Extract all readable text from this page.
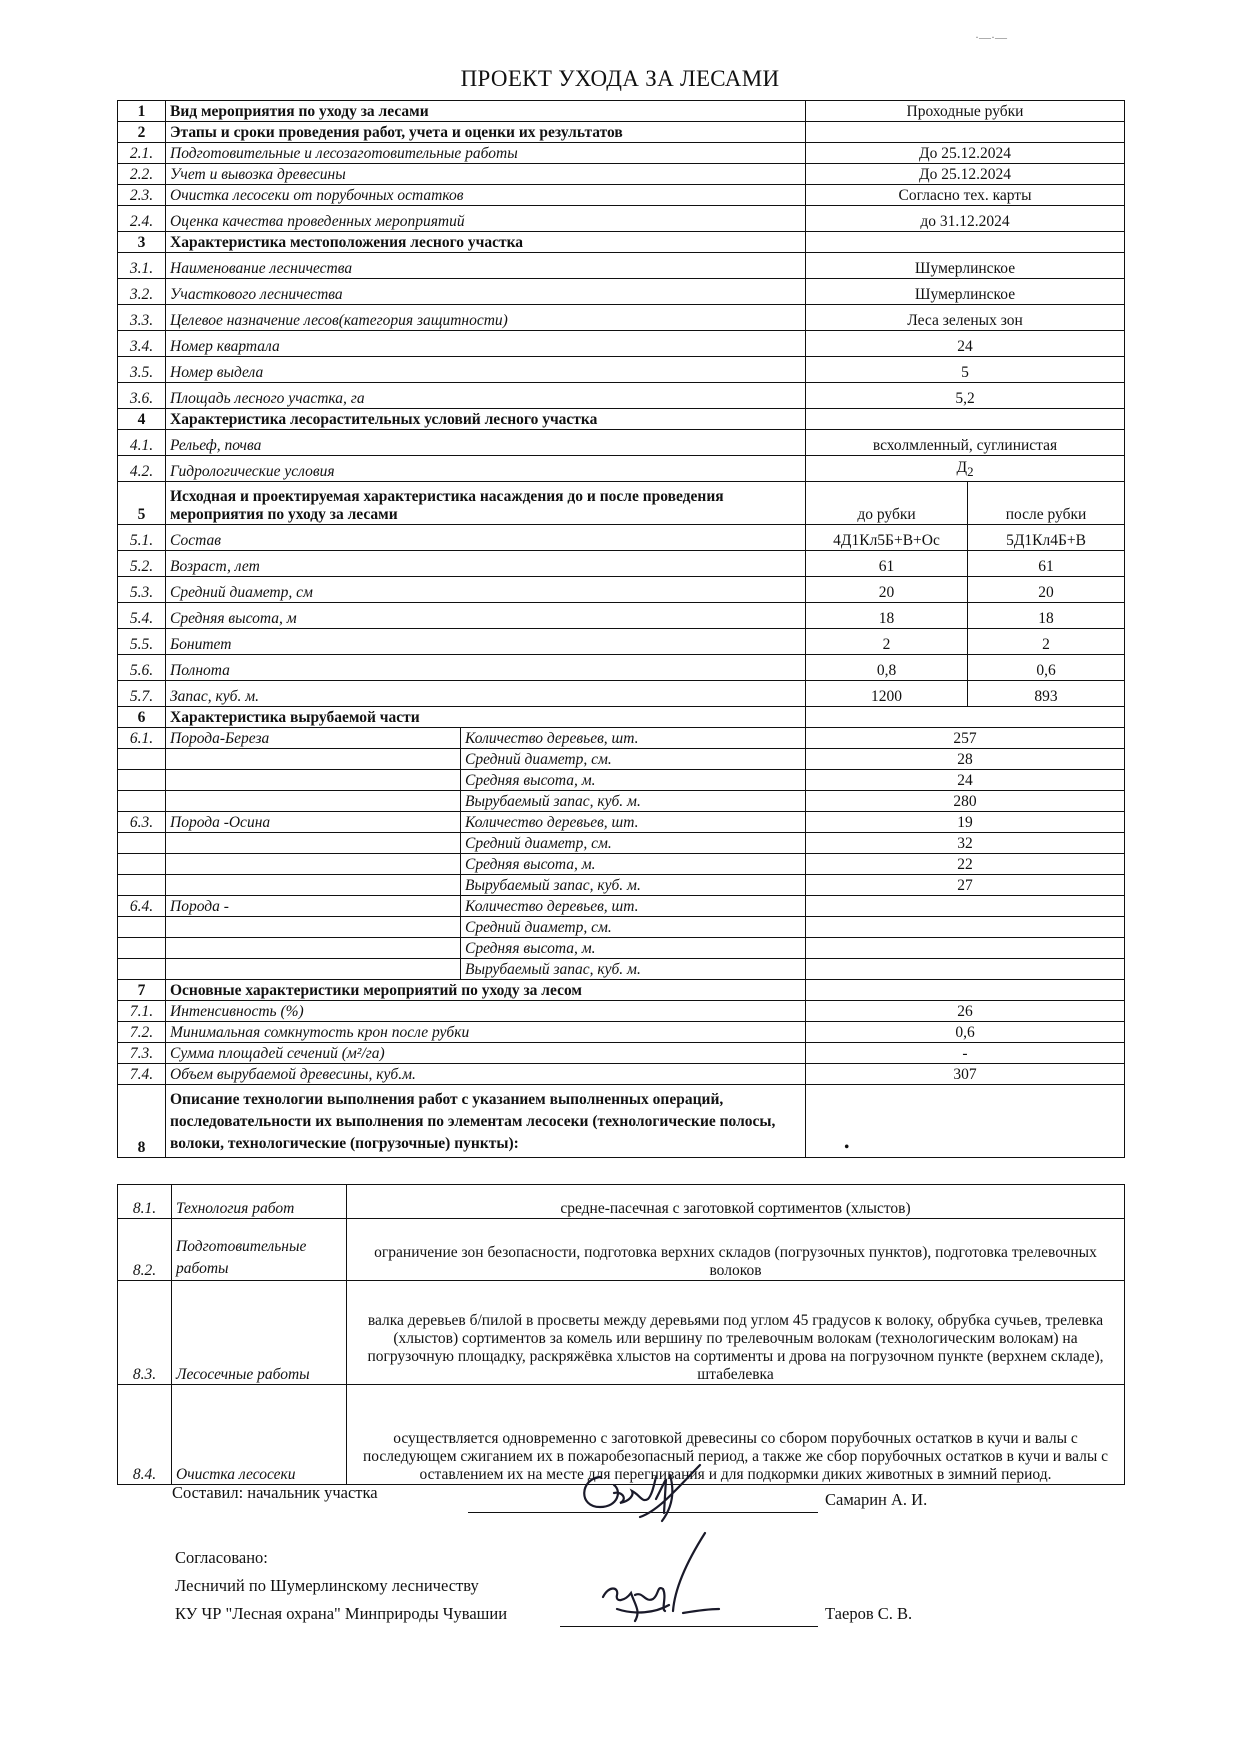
·—·—
ПРОЕКТ УХОДА ЗА ЛЕСАМИ
1	Вид мероприятия по уходу за лесами		Проходные рубки	
2	Этапы и сроки проведения работ, учета и оценки их результатов			
2.1.	Подготовительные и лесозаготовительные работы		До 25.12.2024	
2.2.	Учет и вывозка древесины		До 25.12.2024	
2.3.	Очистка лесосеки от порубочных остатков		Согласно тех. карты	
2.4.	Оценка качества проведенных мероприятий		до 31.12.2024	
3	Характеристика местоположения лесного участка			
3.1.	Наименование лесничества		Шумерлинское	
3.2.	Участкового лесничества		Шумерлинское	
3.3.	Целевое назначение лесов(категория защитности)		Леса зеленых зон	
3.4.	Номер квартала		24	
3.5.	Номер выдела		5	
3.6.	Площадь лесного участка, га		5,2	
4	Характеристика лесорастительных условий лесного участка			
4.1.	Рельеф, почва		всхолмленный, суглинистая	
4.2.	Гидрологические условия		$Д_2$
5	Исходная и проектируемая характеристика насаждения до и после проведения мероприятия по уходу за лесами		до рубки	после рубки
5.1.	Состав		4Д1Кл5Б+В+Ос	5Д1Кл4Б+В
5.2.	Возраст, лет		61	61
5.3.	Средний диаметр, см		20	20
5.4.	Средняя высота, м		18	18
5.5.	Бонитет		2	2
5.6.	Полнота		0,8	0,6
5.7.	Запас, куб. м.		1200	893
6	Характеристика вырубаемой части			
6.1.	Порода-Береза	Количество деревьев, шт.	257	
		Средний диаметр, см.	28	
		Средняя высота, м.	24	
		Вырубаемый запас, куб. м.	280	
6.3.	Порода -Осина	Количество деревьев, шт.	19	
		Средний диаметр, см.	32	
		Средняя высота, м.	22	
		Вырубаемый запас, куб. м.	27	
6.4.	Порода -	Количество деревьев, шт.		
		Средний диаметр, см.		
		Средняя высота, м.		
		Вырубаемый запас, куб. м.		
7	Основные характеристики мероприятий по уходу за лесом			
7.1.	Интенсивность (%)		26	
7.2.	Минимальная сомкнутость крон после рубки		0,6	
7.3.	Сумма площадей сечений (м²/га)		-	
7.4.	Объем вырубаемой древесины, куб.м.		307	
8	Описание технологии выполнения работ с указанием выполненных операций, последовательности их выполнения по элементам лесосеки (технологические полосы, волоки, технологические (погрузочные) пункты):		•	
8.1.	Технология работ	средне-пасечная с заготовкой сортиментов (хлыстов)
8.2.	Подготовительные работы	ограничение зон безопасности, подготовка верхних складов (погрузочных пунктов), подготовка трелевочных волоков
8.3.	Лесосечные работы	валка деревьев б/пилой в просветы между деревьями под углом 45 градусов к волоку, обрубка сучьев, трелевка (хлыстов) сортиментов за комель или вершину по трелевочным волокам (технологическим волокам) на погрузочную площадку, раскряжёвка хлыстов на сортименты и дрова на погрузочном пункте (верхнем складе), штабелевка
8.4.	Очистка лесосеки	осуществляется одновременно с заготовкой древесины со сбором порубочных остатков в кучи и валы с последующем сжиганием их в пожаробезопасный период, а также же сбор порубочных остатков в кучи и валы с оставлением их на месте для перегнивания и для подкормки диких животных в зимний период.
Составил: начальник участка	Самарин А. И.
Согласовано:
Лесничий по Шумерлинскому лесничеству
КУ ЧР "Лесная охрана" Минприроды Чувашии	Таеров С. В.
